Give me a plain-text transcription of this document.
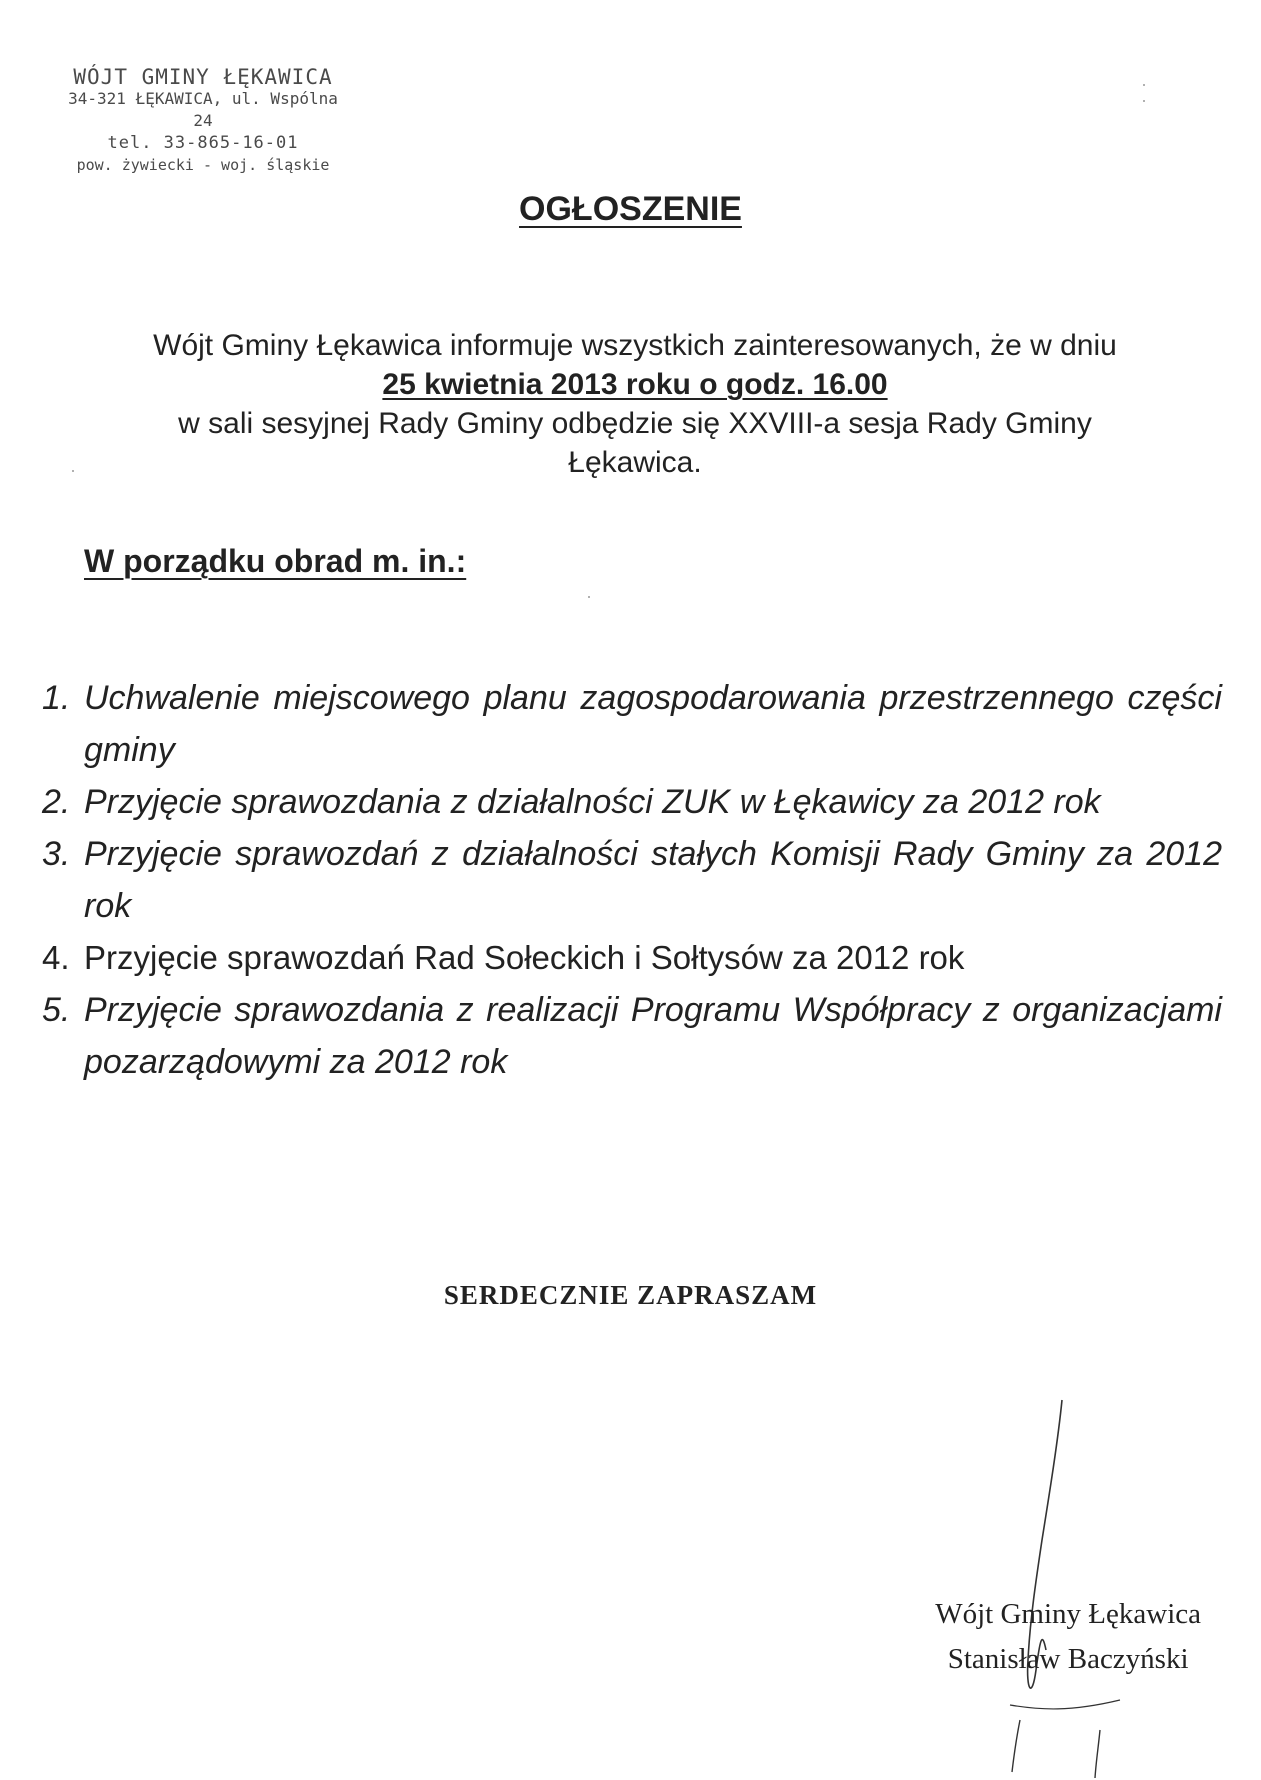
WÓJT GMINY ŁĘKAWICA
34-321 ŁĘKAWICA, ul. Wspólna 24
tel. 33-865-16-01
pow. żywiecki - woj. śląskie
OGŁOSZENIE
Wójt Gminy Łękawica informuje wszystkich zainteresowanych, że w dniu
25 kwietnia 2013 roku o godz. 16.00
w sali sesyjnej Rady Gminy odbędzie się XXVIII-a sesja Rady Gminy
Łękawica.
W porządku obrad m. in.:
1. Uchwalenie miejscowego planu zagospodarowania przestrzennego części gminy
2. Przyjęcie sprawozdania z działalności ZUK w Łękawicy za 2012 rok
3. Przyjęcie sprawozdań z działalności stałych Komisji Rady Gminy za 2012 rok
4. Przyjęcie sprawozdań Rad Sołeckich i Sołtysów za 2012 rok
5. Przyjęcie sprawozdania z realizacji Programu Współpracy z organizacjami pozarządowymi za 2012 rok
SERDECZNIE ZAPRASZAM
Wójt Gminy Łękawica
Stanisław Baczyński
